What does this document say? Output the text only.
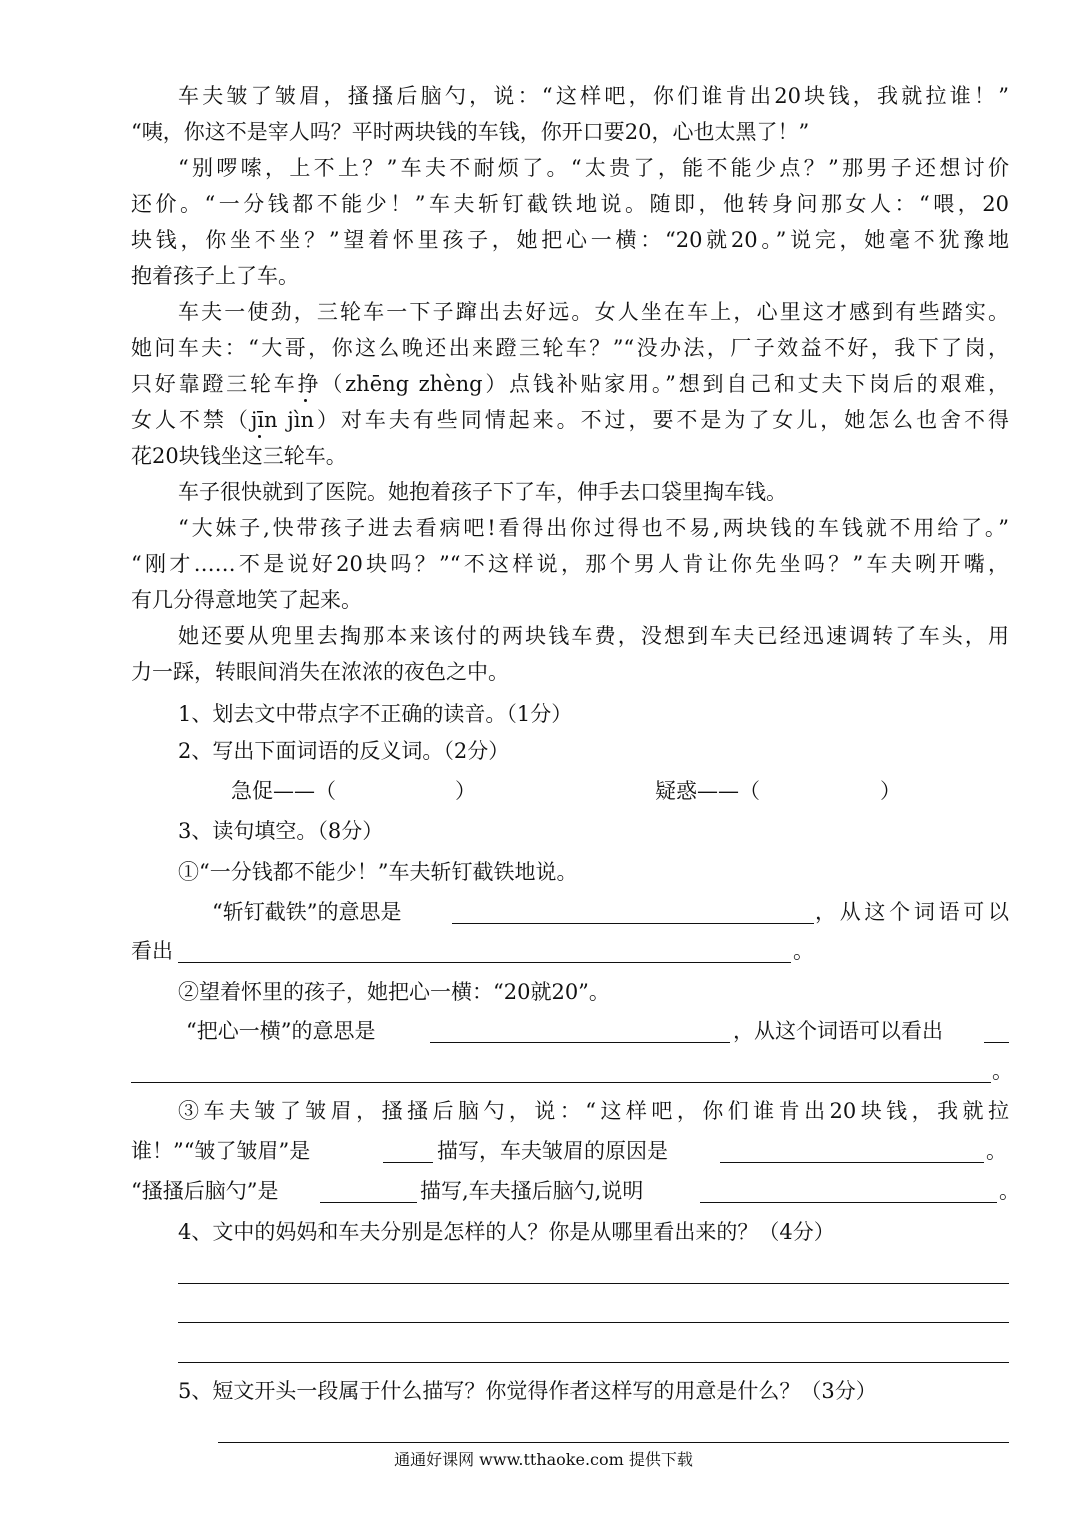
车夫皱了皱眉，搔搔后脑勺，说：“这样吧，你们谁肯出20块钱，我就拉谁！”
“咦，你这不是宰人吗？平时两块钱的车钱，你开口要20，心也太黑了！”
“别啰嗦，上不上？”车夫不耐烦了。“太贵了，能不能少点？”那男子还想讨价
还价。“一分钱都不能少！”车夫斩钉截铁地说。随即，他转身问那女人：“喂，20
块钱，你坐不坐？”望着怀里孩子，她把心一横：“20就20。”说完，她毫不犹豫地
抱着孩子上了车。
车夫一使劲，三轮车一下子蹿出去好远。女人坐在车上，心里这才感到有些踏实。
她问车夫：“大哥，你这么晚还出来蹬三轮车？”“没办法，厂子效益不好，我下了岗，
只好靠蹬三轮车挣（zhēng zhèng）点钱补贴家用。”想到自己和丈夫下岗后的艰难，
女人不禁（jīn jìn）对车夫有些同情起来。不过，要不是为了女儿，她怎么也舍不得
花20块钱坐这三轮车。
车子很快就到了医院。她抱着孩子下了车，伸手去口袋里掏车钱。
“大妹子,快带孩子进去看病吧!看得出你过得也不易,两块钱的车钱就不用给了。”
“刚才……不是说好20块吗？”“不这样说，那个男人肯让你先坐吗？”车夫咧开嘴，
有几分得意地笑了起来。
她还要从兜里去掏那本来该付的两块钱车费，没想到车夫已经迅速调转了车头，用
力一踩，转眼间消失在浓浓的夜色之中。
1、划去文中带点字不正确的读音。（1分）
2、写出下面词语的反义词。（2分）
急促——（	）	疑惑——（	）
3、读句填空。（8分）
①“一分钱都不能少！”车夫斩钉截铁地说。
“斩钉截铁”的意思是	，从这个词语可以
看出	。
②望着怀里的孩子，她把心一横：“20就20”。
“把心一横”的意思是	，从这个词语可以看出
。
③车夫皱了皱眉，搔搔后脑勺，说：“这样吧，你们谁肯出20块钱，我就拉
谁！”“皱了皱眉”是	描写，车夫皱眉的原因是	。
“搔搔后脑勺”是	描写,车夫搔后脑勺,说明	。
4、文中的妈妈和车夫分别是怎样的人？你是从哪里看出来的？（4分）
5、短文开头一段属于什么描写？你觉得作者这样写的用意是什么？（3分）
通通好课网 www.tthaoke.com 提供下载
